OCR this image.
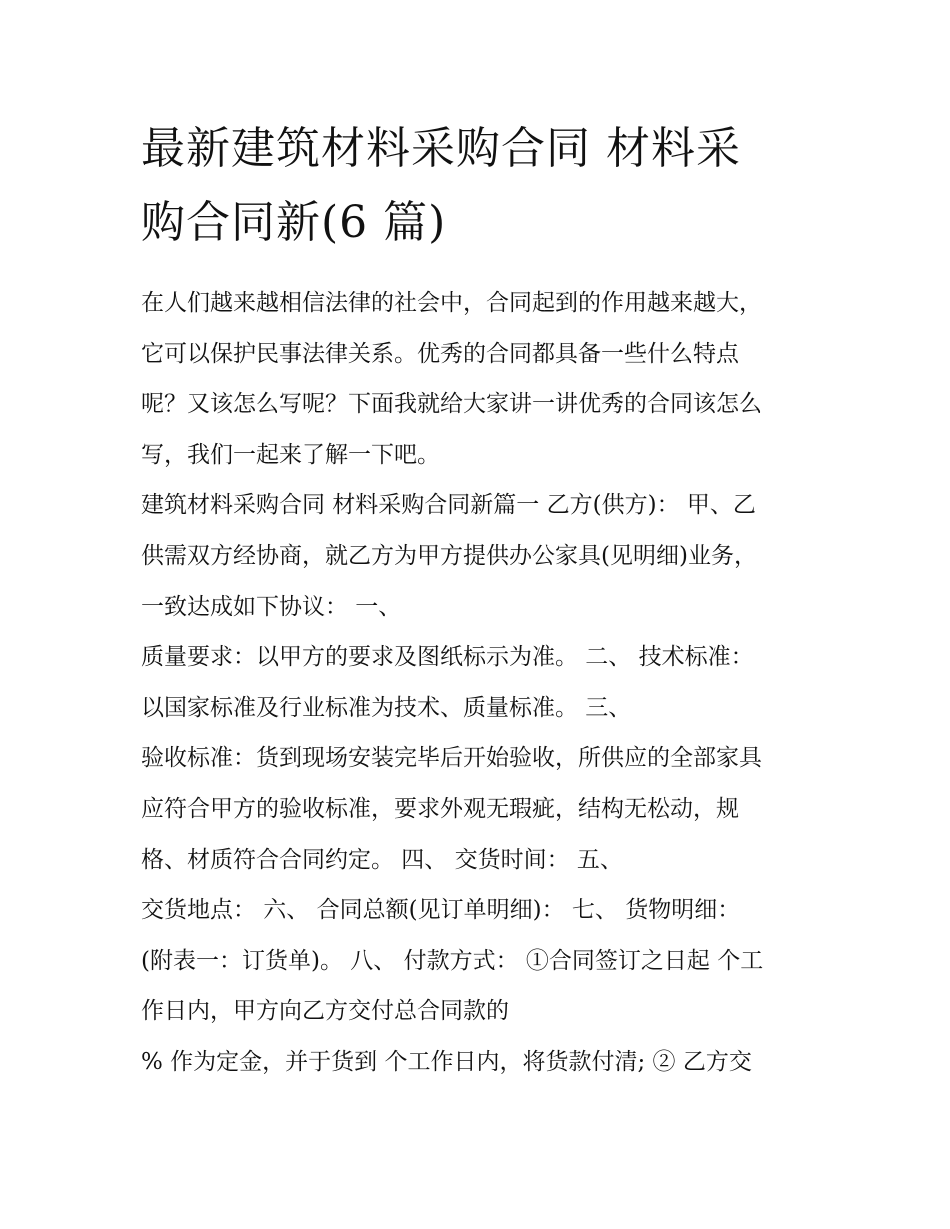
最新建筑材料采购合同 材料采
购合同新(6 篇)
在人们越来越相信法律的社会中，合同起到的作用越来越大，
它可以保护民事法律关系。优秀的合同都具备一些什么特点
呢？又该怎么写呢？下面我就给大家讲一讲优秀的合同该怎么
写，我们一起来了解一下吧。
建筑材料采购合同 材料采购合同新篇一 乙方(供方)： 甲、乙
供需双方经协商，就乙方为甲方提供办公家具(见明细)业务，
一致达成如下协议： 一、
质量要求：以甲方的要求及图纸标示为准。 二、 技术标准：
以国家标准及行业标准为技术、质量标准。 三、
验收标准：货到现场安装完毕后开始验收，所供应的全部家具
应符合甲方的验收标准，要求外观无瑕疵，结构无松动，规
格、材质符合合同约定。 四、 交货时间： 五、
交货地点： 六、 合同总额(见订单明细)： 七、 货物明细：
(附表一：订货单)。 八、 付款方式： ①合同签订之日起 个工
作日内，甲方向乙方交付总合同款的
% 作为定金，并于货到 个工作日内，将货款付清; ② 乙方交
